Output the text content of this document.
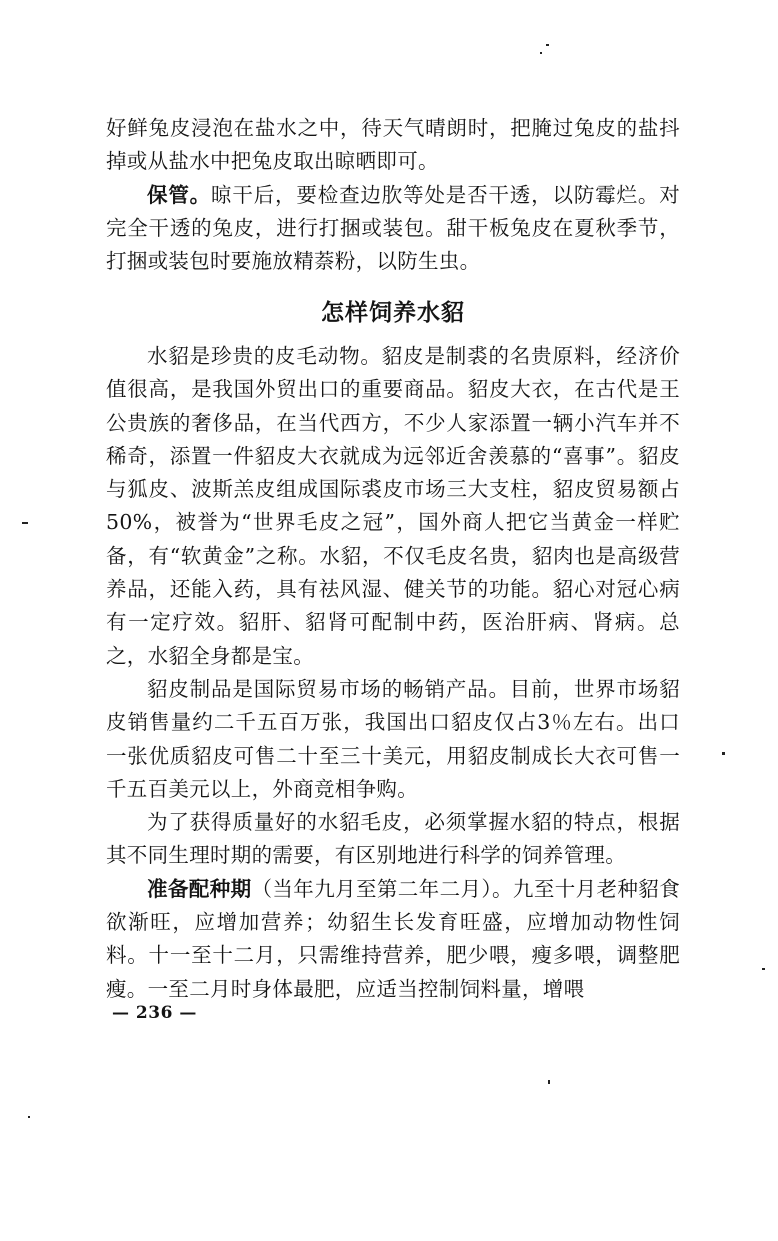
好鲜兔皮浸泡在盐水之中，待天气晴朗时，把腌过兔皮的盐抖掉或从盐水中把兔皮取出晾晒即可。

保管。晾干后，要检查边肷等处是否干透，以防霉烂。对完全干透的兔皮，进行打捆或装包。甜干板兔皮在夏秋季节，打捆或装包时要施放精萘粉，以防生虫。

怎样饲养水貂

水貂是珍贵的皮毛动物。貂皮是制裘的名贵原料，经济价值很高，是我国外贸出口的重要商品。貂皮大衣，在古代是王公贵族的奢侈品，在当代西方，不少人家添置一辆小汽车并不稀奇，添置一件貂皮大衣就成为远邻近舍羡慕的“喜事”。貂皮与狐皮、波斯羔皮组成国际裘皮市场三大支柱，貂皮贸易额占50%，被誉为“世界毛皮之冠”，国外商人把它当黄金一样贮备，有“软黄金”之称。水貂，不仅毛皮名贵，貂肉也是高级营养品，还能入药，具有祛风湿、健关节的功能。貂心对冠心病有一定疗效。貂肝、貂肾可配制中药，医治肝病、肾病。总之，水貂全身都是宝。

貂皮制品是国际贸易市场的畅销产品。目前，世界市场貂皮销售量约二千五百万张，我国出口貂皮仅占3％左右。出口一张优质貂皮可售二十至三十美元，用貂皮制成长大衣可售一千五百美元以上，外商竞相争购。

为了获得质量好的水貂毛皮，必须掌握水貂的特点，根据其不同生理时期的需要，有区别地进行科学的饲养管理。

准备配种期（当年九月至第二年二月）。九至十月老种貂食欲渐旺，应增加营养；幼貂生长发育旺盛，应增加动物性饲料。十一至十二月，只需维持营养，肥少喂，瘦多喂，调整肥瘦。一至二月时身体最肥，应适当控制饲料量，增喂

— 236 —
